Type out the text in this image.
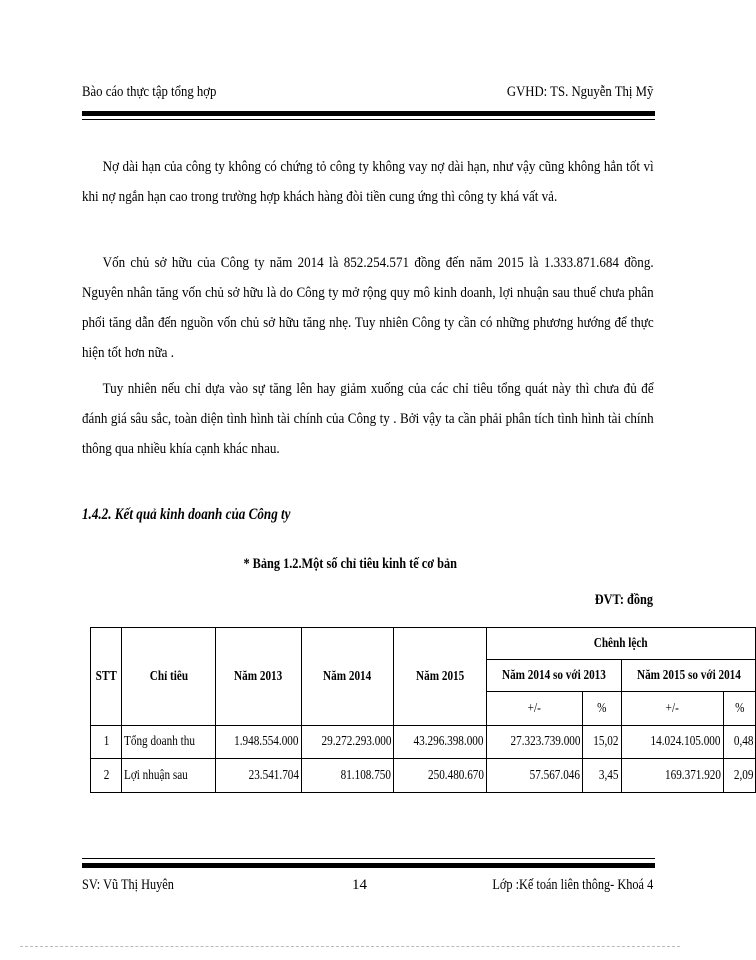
Bào cáo thực tập tổng hợp	GVHD: TS. Nguyễn Thị Mỹ

Nợ dài hạn của công ty không có chứng tỏ công ty không vay nợ dài hạn, như vậy cũng không hẳn tốt vì khi nợ ngắn hạn cao trong trường hợp khách hàng đòi tiền cung ứng thì công ty khá vất vả.

Vốn chủ sở hữu của Công ty năm 2014 là 852.254.571 đồng đến năm 2015 là 1.333.871.684 đồng. Nguyên nhân tăng vốn chủ sở hữu là do Công ty mở rộng quy mô kinh doanh, lợi nhuận sau thuế chưa phân phối tăng dẫn đến nguồn vốn chủ sở hữu tăng nhẹ. Tuy nhiên Công ty cần có những phương hướng để thực hiện tốt hơn nữa .

Tuy nhiên nếu chỉ dựa vào sự tăng lên hay giảm xuống của các chỉ tiêu tổng quát này thì chưa đủ để đánh giá sâu sắc, toàn diện tình hình tài chính của Công ty . Bởi vậy ta cần phải phân tích tình hình tài chính thông qua nhiều khía cạnh khác nhau.

1.4.2. Kết quả kinh doanh của Công ty
* Bảng 1.2.Một số chỉ tiêu kinh tế cơ bản
ĐVT: đồng
STT	Chỉ tiêu	Năm 2013	Năm 2014	Năm 2015	Chênh lệch			
					Năm 2014 so với 2013		Năm 2015 so với 2014	
					+/-	%	+/-	%
1	Tổng doanh thu	1.948.554.000	29.272.293.000	43.296.398.000	27.323.739.000	15,02	14.024.105.000	0,48
2	Lợi nhuận sau	23.541.704	81.108.750	250.480.670	57.567.046	3,45	169.371.920	2,09
SV: Vũ Thị Huyên	14	Lớp :Kế toán liên thông- Khoá 4
